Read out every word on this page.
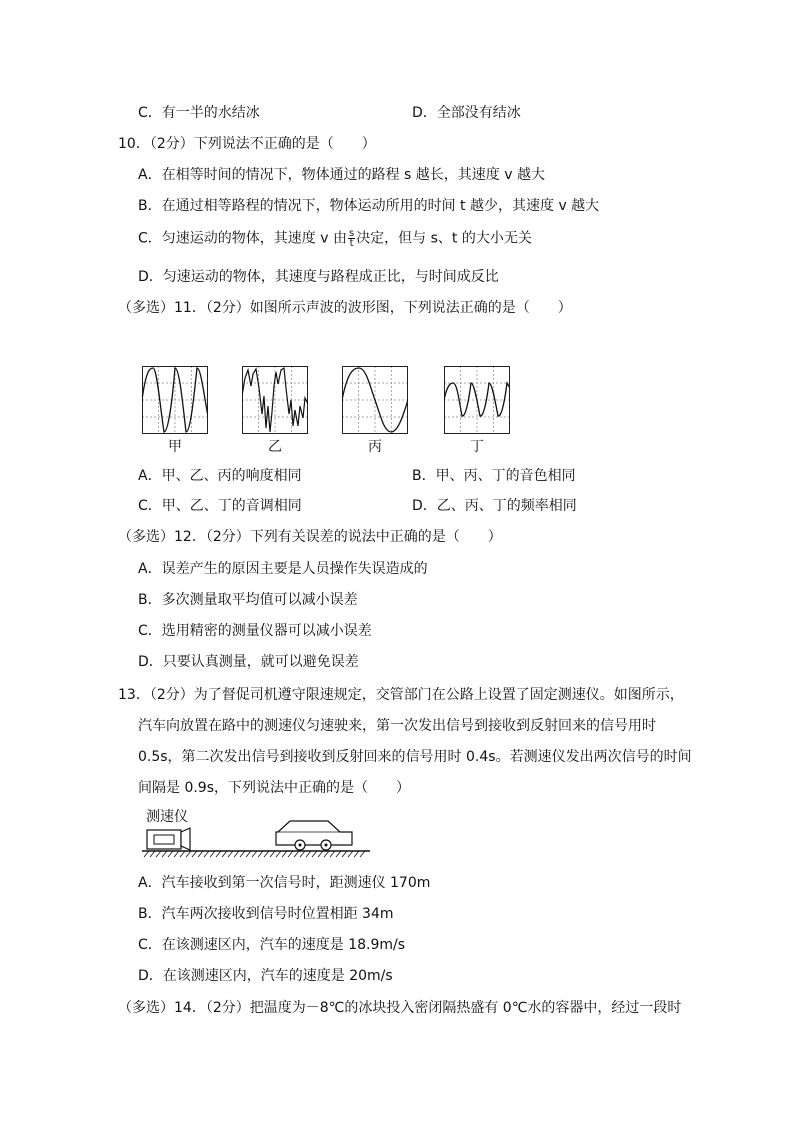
C．有一半的水结冰	D．全部没有结冰
10．（2分）下列说法不正确的是（　　）
A．在相等时间的情况下，物体通过的路程 s 越长，其速度 v 越大
B．在通过相等路程的情况下，物体运动所用的时间 t 越少，其速度 v 越大
C．匀速运动的物体，其速度 v 由 $\frac{s}{t}$ 决定，但与 s、t 的大小无关
D．匀速运动的物体，其速度与路程成正比，与时间成反比
（多选）11．（2分）如图所示声波的波形图，下列说法正确的是（　　）
甲	乙	丙	丁
A．甲、乙、丙的响度相同	B．甲、丙、丁的音色相同
C．甲、乙、丁的音调相同	D．乙、丙、丁的频率相同
（多选）12．（2分）下列有关误差的说法中正确的是（　　）
A．误差产生的原因主要是人员操作失误造成的
B．多次测量取平均值可以减小误差
C．选用精密的测量仪器可以减小误差
D．只要认真测量，就可以避免误差
13．（2分）为了督促司机遵守限速规定，交管部门在公路上设置了固定测速仪。如图所示，
汽车向放置在路中的测速仪匀速驶来，第一次发出信号到接收到反射回来的信号用时
0.5s，第二次发出信号到接收到反射回来的信号用时 0.4s。若测速仪发出两次信号的时间
间隔是 0.9s，下列说法中正确的是（　　）
测速仪
A．汽车接收到第一次信号时，距测速仪 170m
B．汽车两次接收到信号时位置相距 34m
C．在该测速区内，汽车的速度是 18.9m/s
D．在该测速区内，汽车的速度是 20m/s
（多选）14．（2分）把温度为－8℃的冰块投入密闭隔热盛有 0℃水的容器中，经过一段时
